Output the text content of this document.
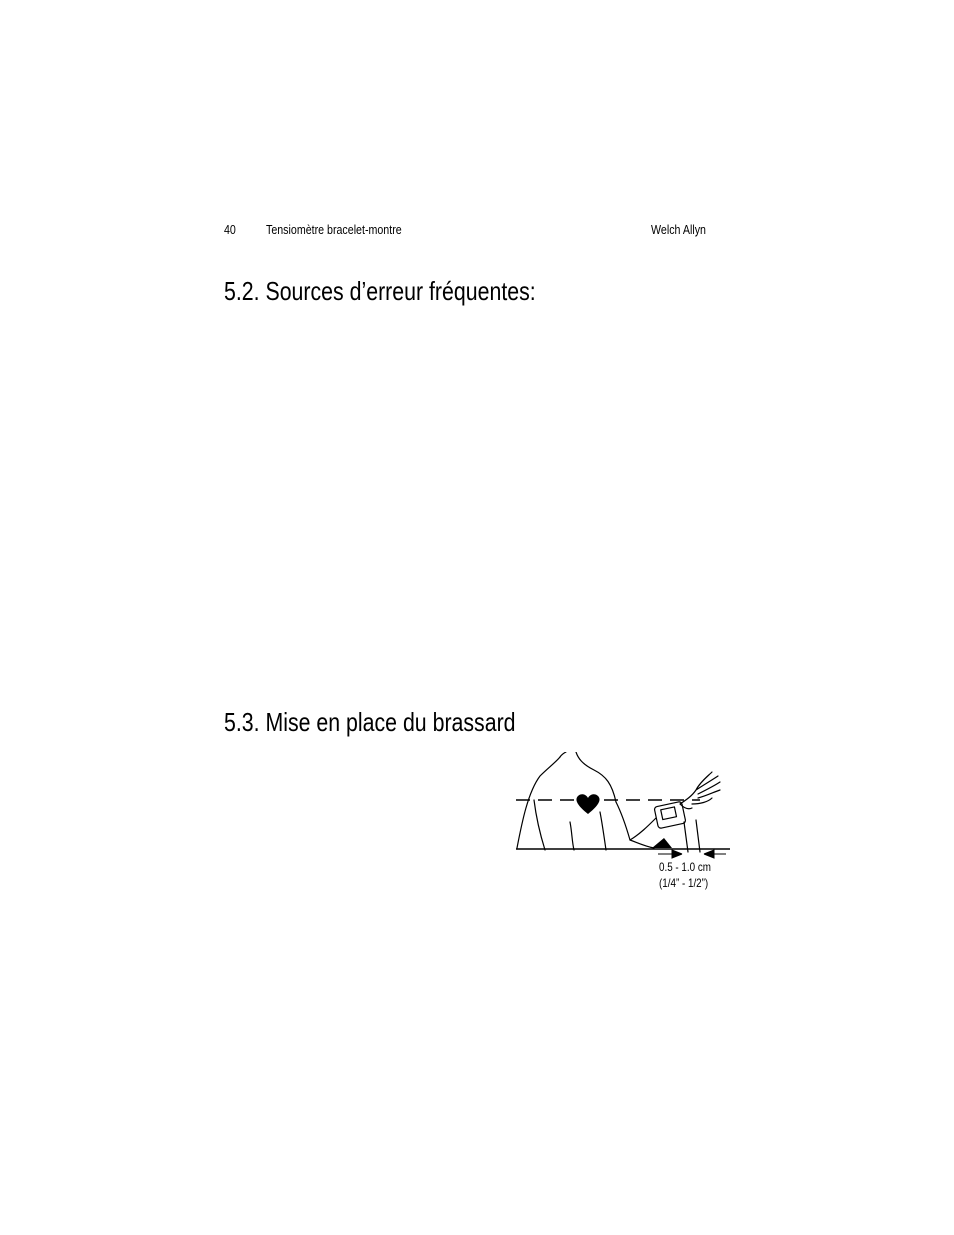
40 Tensiomètre bracelet-montre	Welch Allyn
5.2. Sources d’erreur fréquentes:
5.3. Mise en place du brassard
0.5 - 1.0 cm
(1/4” - 1/2”)
